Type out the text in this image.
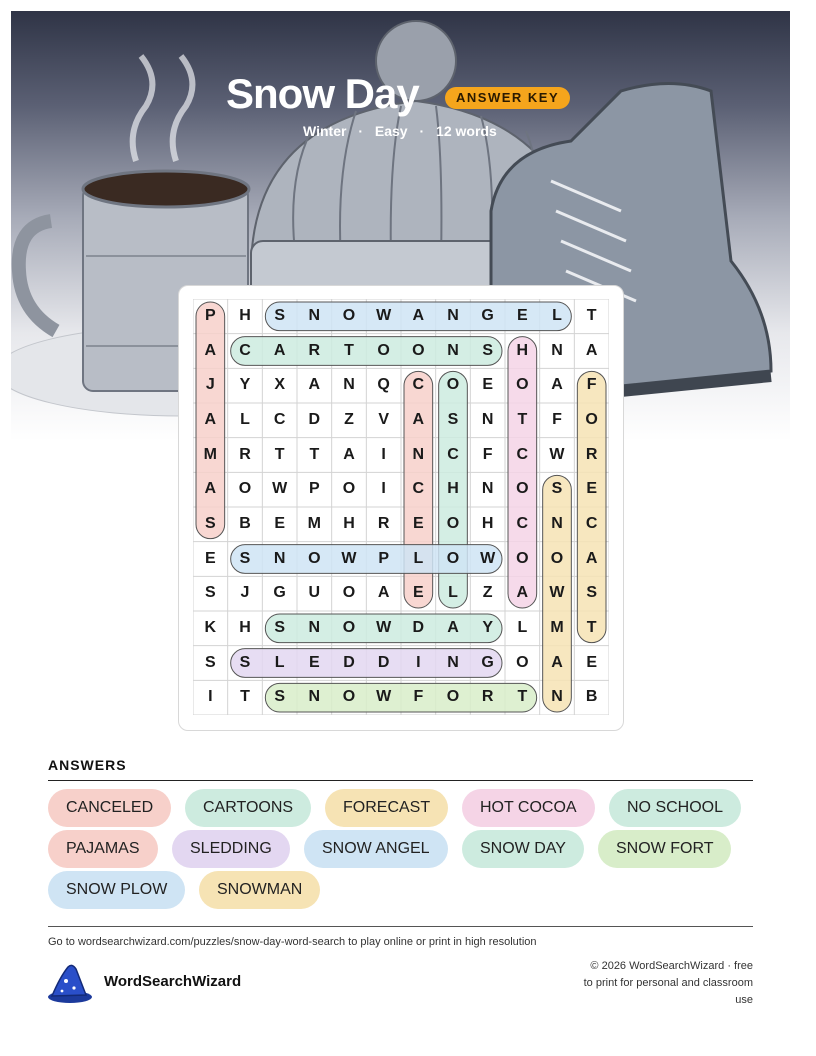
Snow Day	ANSWER KEY
Winter · Easy · 12 words
P	H	S	N	O	W	A	N	G	E	L	T
A	C	A	R	T	O	O	N	S	H	N	A
J	Y	X	A	N	Q	C	O	E	O	A	F
A	L	C	D	Z	V	A	S	N	T	F	O
M	R	T	T	A	I	N	C	F	C	W	R
A	O	W	P	O	I	C	H	N	O	S	E
S	B	E	M	H	R	E	O	H	C	N	C
E	S	N	O	W	P	L	O	W	O	O	A
S	J	G	U	O	A	E	L	Z	A	W	S
K	H	S	N	O	W	D	A	Y	L	M	T
S	S	L	E	D	D	I	N	G	O	A	E
I	T	S	N	O	W	F	O	R	T	N	B
ANSWERS
CANCELED	CARTOONS	FORECAST	HOT COCOA	NO SCHOOL
PAJAMAS	SLEDDING	SNOW ANGEL	SNOW DAY	SNOW FORT
SNOW PLOW	SNOWMAN
Go to wordsearchwizard.com/puzzles/snow-day-word-search to play online or print in high resolution
WordSearchWizard
© 2026 WordSearchWizard · free to print for personal and classroom use
